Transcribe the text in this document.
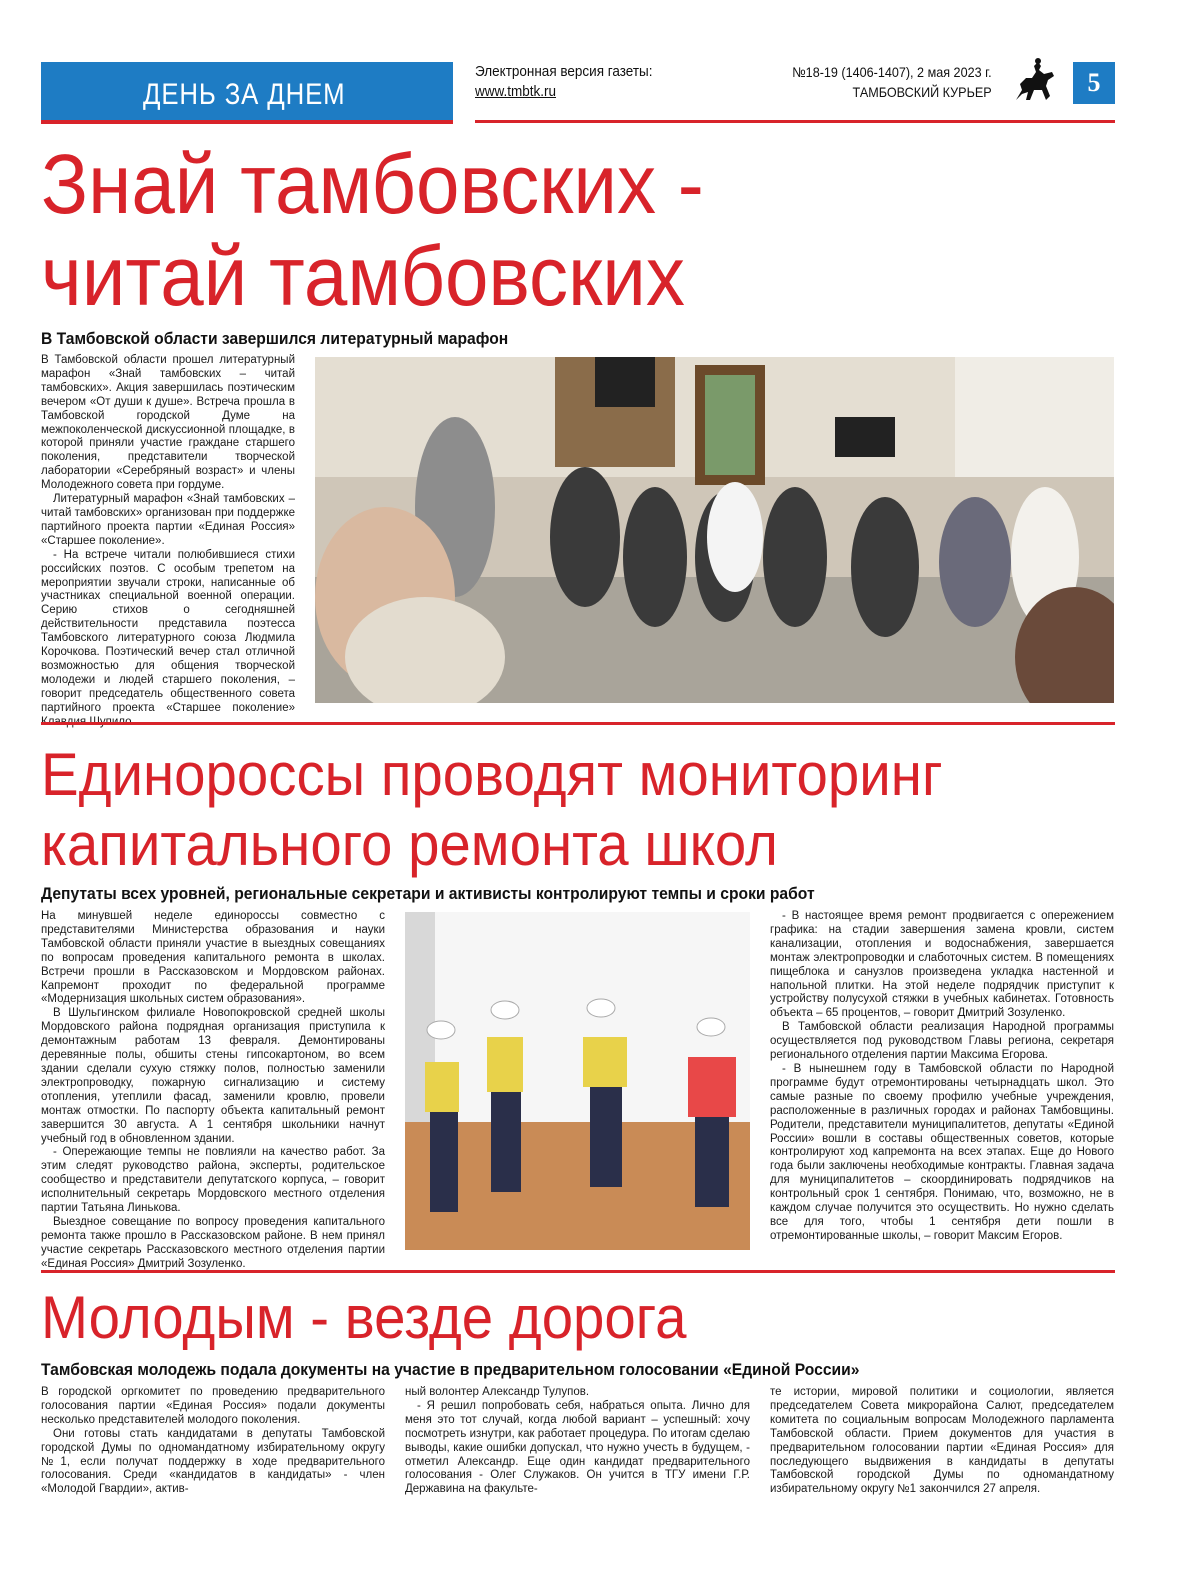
ДЕНЬ ЗА ДНЕМ
Электронная версия газеты:
www.tmbtk.ru
№18-19 (1406-1407), 2 мая 2023 г.
ТАМБОВСКИЙ КУРЬЕР	5
Знай тамбовских -
читай тамбовских
В Тамбовской области завершился литературный марафон

В Тамбовской области прошел литературный марафон «Знай тамбовских – читай тамбовских». Акция завершилась поэтическим вечером «От души к душе». Встреча прошла в Тамбовской городской Думе на межпоколенческой дискуссионной площадке, в которой приняли участие граждане старшего поколения, представители творческой лаборатории «Серебряный возраст» и члены Молодежного совета при гордуме.

Литературный марафон «Знай тамбовских – читай тамбовских» организован при поддержке партийного проекта партии «Единая Россия» «Старшее поколение».

- На встрече читали полюбившиеся стихи российских поэтов. С особым трепетом на мероприятии звучали строки, написанные об участниках специальной военной операции. Серию стихов о сегодняшней действительности представила поэтесса Тамбовского литературного союза Людмила Корочкова. Поэтический вечер стал отличной возможностью для общения творческой молодежи и людей старшего поколения, – говорит председатель общественного совета партийного проекта «Старшее поколение»

Единороссы проводят мониторинг
капитального ремонта школ
Депутаты всех уровней, региональные секретари и активисты контролируют темпы и сроки работ

На минувшей неделе единороссы совместно с представителями Министерства образования и науки Тамбовской области приняли участие в выездных совещаниях по вопросам проведения капитального ремонта в школах. Встречи прошли в Рассказовском и Мордовском районах. Капремонт проходит по федеральной программе «Модернизация школьных систем образования».

В Шульгинском филиале Новопокровской средней школы Мордовского района подрядная организация приступила к демонтажным работам 13 февраля. Демонтированы деревянные полы, обшиты стены гипсокартоном, во всем здании сделали сухую стяжку полов, полностью заменили электропроводку, пожарную сигнализацию и систему отопления, утеплили фасад, заменили кровлю, провели монтаж отмостки. По паспорту объекта капитальный ремонт завершится 30 августа. А 1 сентября школьники начнут учебный год в обновленном здании.

- Опережающие темпы не повлияли на качество работ. За этим следят руководство района, эксперты, родительское сообщество и представители депутатского корпуса, – говорит исполнительный секретарь Мордовского местного отделения партии Татьяна Линькова.

Выездное совещание по вопросу проведения капитального ремонта также прошло в Рассказовском районе. В нем принял участие секретарь Рассказовского местного отделения партии «Единая Россия» Дмитрий Зозуленко.

- В настоящее время ремонт продвигается с опережением графика: на стадии завершения замена кровли, систем канализации, отопления и водоснабжения, завершается монтаж электропроводки и слаботочных систем. В помещениях пищеблока и санузлов произведена укладка настенной и напольной плитки. На этой неделе подрядчик приступит к устройству полусухой стяжки в учебных кабинетах. Готовность объекта – 65 процентов, – говорит Дмитрий Зозуленко.

В Тамбовской области реализация Народной программы осуществляется под руководством Главы региона, секретаря регионального отделения партии Максима Егорова.

- В нынешнем году в Тамбовской области по Народной программе будут отремонтированы четырнадцать школ. Это самые разные по своему профилю учебные учреждения, расположенные в различных городах и районах Тамбовщины. Родители, представители муниципалитетов, депутаты «Единой России» вошли в составы общественных советов, которые контролируют ход капремонта на всех этапах. Еще до Нового года были заключены необходимые контракты. Главная задача для муниципалитетов – скоординировать подрядчиков на контрольный срок 1 сентября. Понимаю, что, возможно, не в каждом случае получится это осуществить. Но нужно сделать все для того, чтобы 1 сентября дети пошли в отремонтированные школы, – говорит Максим Егоров.

Молодым - везде дорога
Тамбовская молодежь подала документы на участие в предварительном голосовании «Единой России»

В городской оргкомитет по проведению предварительного голосования партии «Единая Россия» подали документы несколько представителей молодого поколения.

Они готовы стать кандидатами в депутаты Тамбовской городской Думы по одномандатному избирательному округу №1, если получат поддержку в ходе предварительного голосования. Среди «кандидатов в кандидаты» - член «Молодой Гвардии», актив-

ный волонтер Александр Тулупов.

- Я решил попробовать себя, набраться опыта. Лично для меня это тот случай, когда любой вариант – успешный: хочу посмотреть изнутри, как работает процедура. По итогам сделаю выводы, какие ошибки допускал, что нужно учесть в будущем, - отметил Александр. Еще один кандидат предварительного голосования - Олег Служаков. Он учится в ТГУ имени Г.Р. Державина на факульте-

те истории, мировой политики и социологии, является председателем Совета микрорайона Салют, председателем комитета по социальным вопросам Молодежного парламента Тамбовской области. Прием документов для участия в предварительном голосовании партии «Единая Россия» для последующего выдвижения в кандидаты в депутаты Тамбовской городской Думы по одномандатному избирательному округу №1 закончился 27 апреля.
